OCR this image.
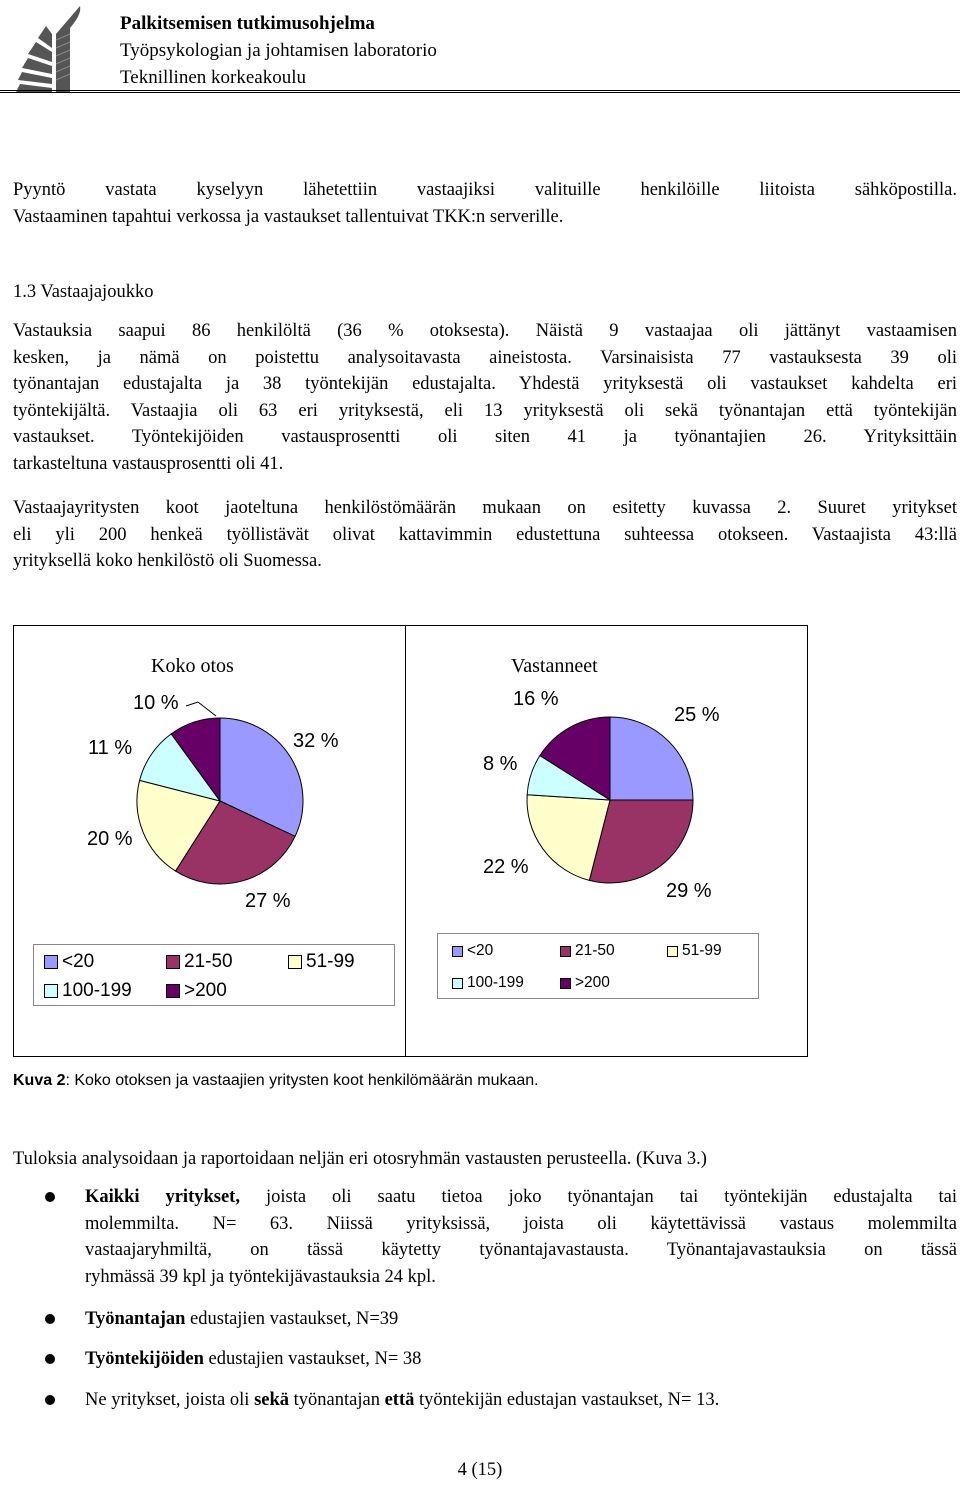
Palkitsemisen tutkimusohjelma
Työpsykologian ja johtamisen laboratorio
Teknillinen korkeakoulu
Pyyntö vastata kyselyyn lähetettiin vastaajiksi valituille henkilöille liitoista sähköpostilla.
Vastaaminen tapahtui verkossa ja vastaukset tallentuivat TKK:n serverille.
1.3 Vastaajajoukko
Vastauksia saapui 86 henkilöltä (36 % otoksesta). Näistä 9 vastaajaa oli jättänyt vastaamisen
kesken, ja nämä on poistettu analysoitavasta aineistosta. Varsinaisista 77 vastauksesta 39 oli
työnantajan edustajalta ja 38 työntekijän edustajalta. Yhdestä yrityksestä oli vastaukset kahdelta eri
työntekijältä. Vastaajia oli 63 eri yrityksestä, eli 13 yrityksestä oli sekä työnantajan että työntekijän
vastaukset. Työntekijöiden vastausprosentti oli siten 41 ja työnantajien 26. Yrityksittäin
tarkasteltuna vastausprosentti oli 41.
Vastaajayritysten koot jaoteltuna henkilöstömäärän mukaan on esitetty kuvassa 2. Suuret yritykset
eli yli 200 henkeä työllistävät olivat kattavimmin edustettuna suhteessa otokseen. Vastaajista 43:llä
yrityksellä koko henkilöstö oli Suomessa.
Koko otos
32 %
27 %
20 %
11 %
10 %
<20	21-50	51-99
100-199	>200
Vastanneet
25 %
29 %
22 %
8 %
16 %
<20	21-50	51-99
100-199	>200
Kuva 2: Koko otoksen ja vastaajien yritysten koot henkilömäärän mukaan.
Tuloksia analysoidaan ja raportoidaan neljän eri otosryhmän vastausten perusteella. (Kuva 3.)
Kaikki yritykset, joista oli saatu tietoa joko työnantajan tai työntekijän edustajalta tai
molemmilta. N= 63. Niissä yrityksissä, joista oli käytettävissä vastaus molemmilta
vastaajaryhmiltä, on tässä käytetty työnantajavastausta. Työnantajavastauksia on tässä
ryhmässä 39 kpl ja työntekijävastauksia 24 kpl.
Työnantajan edustajien vastaukset, N=39
Työntekijöiden edustajien vastaukset, N= 38
Ne yritykset, joista oli sekä työnantajan että työntekijän edustajan vastaukset, N= 13.
4 (15)
